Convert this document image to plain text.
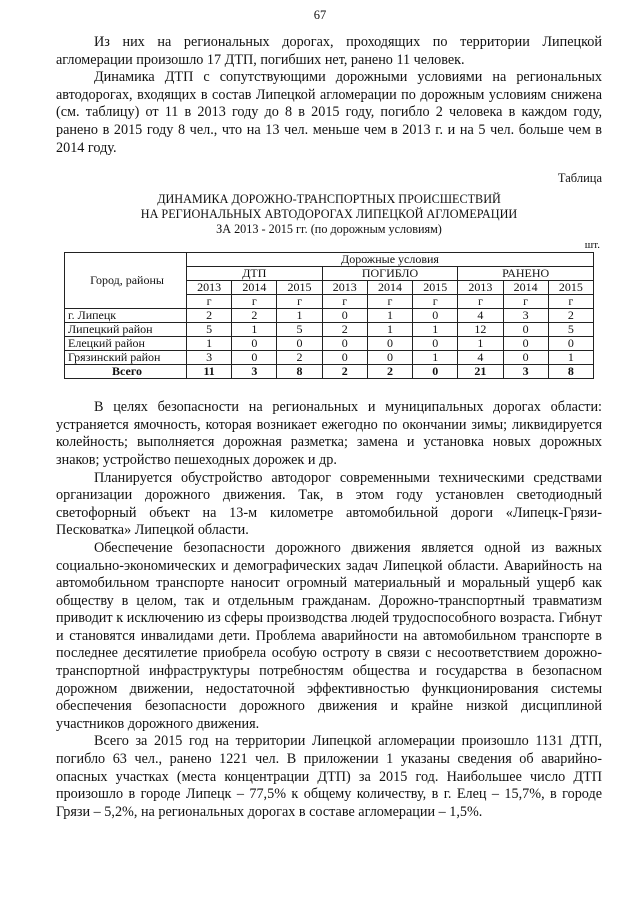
67

Из них на региональных дорогах, проходящих по территории Липецкой агломерации произошло 17 ДТП, погибших нет, ранено 11 человек.

Динамика ДТП с сопутствующими дорожными условиями на региональных автодорогах, входящих в состав Липецкой агломерации по дорожным условиям снижена (см. таблицу) от 11 в 2013 году до 8 в 2015 году, погибло 2 человека в каждом году, ранено в 2015 году 8 чел., что на 13 чел. меньше чем в 2013 г. и на 5 чел. больше чем в 2014 году.

Таблица
ДИНАМИКА ДОРОЖНО-ТРАНСПОРТНЫХ ПРОИСШЕСТВИЙ
НА РЕГИОНАЛЬНЫХ АВТОДОРОГАХ ЛИПЕЦКОЙ АГЛОМЕРАЦИИ
ЗА 2013 - 2015 гг. (по дорожным условиям)
шт.
Город, районы	Дорожные условия								
	ДТП			ПОГИБЛО			РАНЕНО		
	2013	2014	2015	2013	2014	2015	2013	2014	2015
	г	г	г	г	г	г	г	г	г
г. Липецк	2	2	1	0	1	0	4	3	2
Липецкий район	5	1	5	2	1	1	12	0	5
Елецкий район	1	0	0	0	0	0	1	0	0
Грязинский район	3	0	2	0	0	1	4	0	1
Всего	11	3	8	2	2	0	21	3	8

В целях безопасности на региональных и муниципальных дорогах области: устраняется ямочность, которая возникает ежегодно по окончании зимы; ликвидируется колейность; выполняется дорожная разметка; замена и установка новых дорожных знаков; устройство пешеходных дорожек и др.

Планируется обустройство автодорог современными техническими средствами организации дорожного движения. Так, в этом году установлен светодиодный светофорный объект на 13-м километре автомобильной дороги «Липецк-Грязи-Песковатка» Липецкой области.

Обеспечение безопасности дорожного движения является одной из важных социально-экономических и демографических задач Липецкой области. Аварийность на автомобильном транспорте наносит огромный материальный и моральный ущерб как обществу в целом, так и отдельным гражданам. Дорожно-транспортный травматизм приводит к исключению из сферы производства людей трудоспособного возраста. Гибнут и становятся инвалидами дети. Проблема аварийности на автомобильном транспорте в последнее десятилетие приобрела особую остроту в связи с несоответствием дорожно-транспортной инфраструктуры потребностям общества и государства в безопасном дорожном движении, недостаточной эффективностью функционирования системы обеспечения безопасности дорожного движения и крайне низкой дисциплиной участников дорожного движения.

Всего за 2015 год на территории Липецкой агломерации произошло 1131 ДТП, погибло 63 чел., ранено 1221 чел. В приложении 1 указаны сведения об аварийно-опасных участках (места концентрации ДТП) за 2015 год. Наибольшее число ДТП произошло в городе Липецк – 77,5% к общему количеству, в г. Елец – 15,7%, в городе Грязи – 5,2%, на региональных дорогах в составе агломерации – 1,5%.
